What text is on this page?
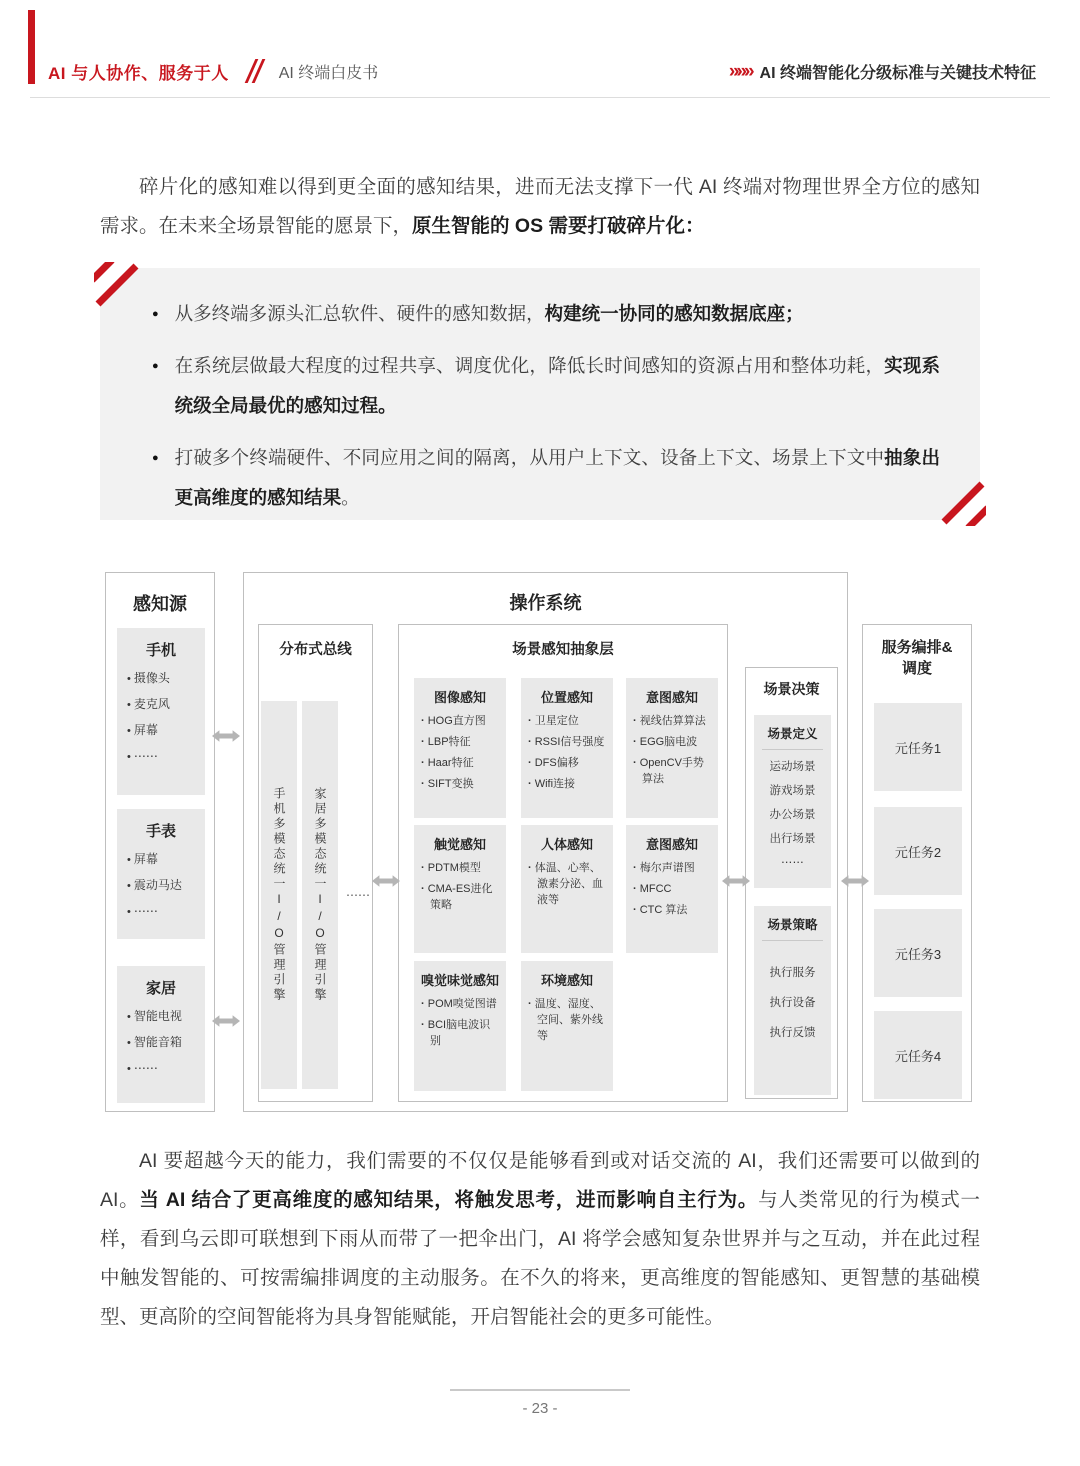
AI 与人协作、服务于人	AI 终端白皮书	»»» AI 终端智能化分级标准与关键技术特征

碎片化的感知难以得到更全面的感知结果，进而无法支撑下一代 AI 终端对物理世界全方位的感知需求。在未来全场景智能的愿景下，原生智能的 OS 需要打破碎片化：

● 从多终端多源头汇总软件、硬件的感知数据，构建统一协同的感知数据底座；
● 在系统层做最大程度的过程共享、调度优化，降低长时间感知的资源占用和整体功耗，实现系统级全局最优的感知过程。
● 打破多个终端硬件、不同应用之间的隔离，从用户上下文、设备上下文、场景上下文中抽象出更高维度的感知结果。
感知源
手机
• 摄像头
• 麦克风
• 屏幕
• ⋯⋯
手表
• 屏幕
• 震动马达
• ⋯⋯
家居
• 智能电视
• 智能音箱
• ⋯⋯
操作系统
分布式总线
手机多模态统一I/O管理引擎	家居多模态统一I/O管理引擎	⋯⋯
场景感知抽象层
图像感知
· HOG直方图
· LBP特征
· Haar特征
· SIFT变换
位置感知
· 卫星定位
· RSSI信号强度
· DFS偏移
· Wifi连接
意图感知
· 视线估算算法
· EGG脑电波
· OpenCV手势算法
触觉感知
· PDTM模型
· CMA-ES进化策略
人体感知
· 体温、心率、激素分泌、血液等
意图感知
· 梅尔声谱图
· MFCC
· CTC 算法
嗅觉味觉感知
· POM嗅觉图谱
· BCI脑电波识别
环境感知
· 温度、湿度、空间、紫外线等
场景决策
场景定义
运动场景
游戏场景
办公场景
出行场景
⋯⋯
场景策略
执行服务
执行设备
执行反馈
服务编排&
调度
元任务1
元任务2
元任务3
元任务4

AI 要超越今天的能力，我们需要的不仅仅是能够看到或对话交流的 AI，我们还需要可以做到的 AI。当 AI 结合了更高维度的感知结果，将触发思考，进而影响自主行为。与人类常见的行为模式一样，看到乌云即可联想到下雨从而带了一把伞出门，AI 将学会感知复杂世界并与之互动，并在此过程中触发智能的、可按需编排调度的主动服务。在不久的将来，更高维度的智能感知、更智慧的基础模型、更高阶的空间智能将为具身智能赋能，开启智能社会的更多可能性。

- 23 -
